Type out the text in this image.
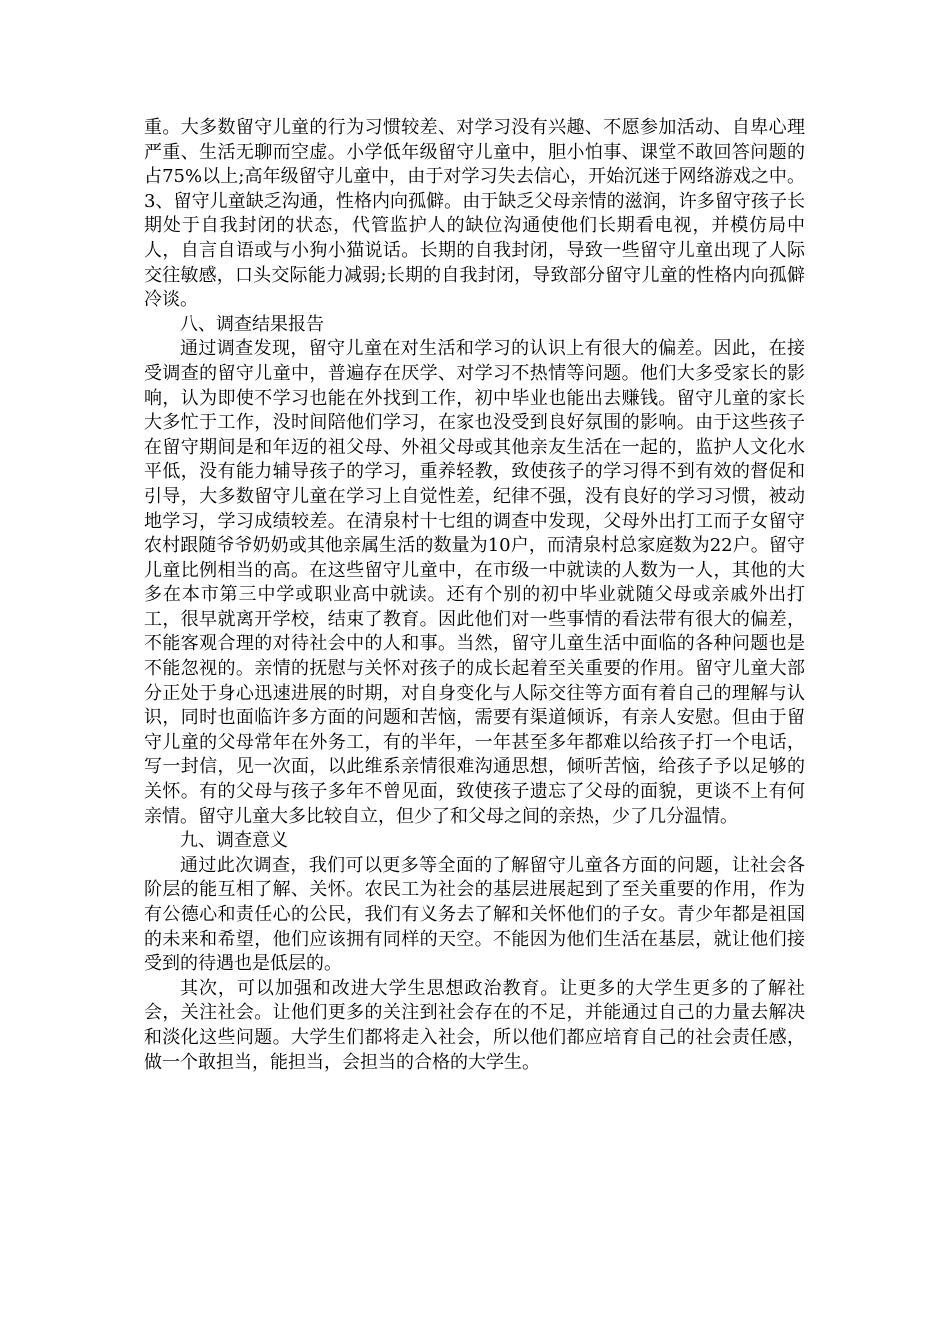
重。大多数留守儿童的行为习惯较差、对学习没有兴趣、不愿参加活动、自卑心理严重、生活无聊而空虚。小学低年级留守儿童中，胆小怕事、课堂不敢回答问题的占75%以上;高年级留守儿童中，由于对学习失去信心，开始沉迷于网络游戏之中。3、留守儿童缺乏沟通，性格内向孤僻。由于缺乏父母亲情的滋润，许多留守孩子长期处于自我封闭的状态，代管监护人的缺位沟通使他们长期看电视，并模仿局中人，自言自语或与小狗小猫说话。长期的自我封闭，导致一些留守儿童出现了人际交往敏感，口头交际能力减弱;长期的自我封闭，导致部分留守儿童的性格内向孤僻冷谈。

八、调查结果报告

通过调查发现，留守儿童在对生活和学习的认识上有很大的偏差。因此，在接受调查的留守儿童中，普遍存在厌学、对学习不热情等问题。他们大多受家长的影响，认为即使不学习也能在外找到工作，初中毕业也能出去赚钱。留守儿童的家长大多忙于工作，没时间陪他们学习，在家也没受到良好氛围的影响。由于这些孩子在留守期间是和年迈的祖父母、外祖父母或其他亲友生活在一起的，监护人文化水平低，没有能力辅导孩子的学习，重养轻教，致使孩子的学习得不到有效的督促和引导，大多数留守儿童在学习上自觉性差，纪律不强，没有良好的学习习惯，被动地学习，学习成绩较差。在清泉村十七组的调查中发现，父母外出打工而子女留守农村跟随爷爷奶奶或其他亲属生活的数量为10户，而清泉村总家庭数为22户。留守儿童比例相当的高。在这些留守儿童中，在市级一中就读的人数为一人，其他的大多在本市第三中学或职业高中就读。还有个别的初中毕业就随父母或亲戚外出打工，很早就离开学校，结束了教育。因此他们对一些事情的看法带有很大的偏差，不能客观合理的对待社会中的人和事。当然，留守儿童生活中面临的各种问题也是不能忽视的。亲情的抚慰与关怀对孩子的成长起着至关重要的作用。留守儿童大部分正处于身心迅速进展的时期，对自身变化与人际交往等方面有着自己的理解与认识，同时也面临许多方面的问题和苦恼，需要有渠道倾诉，有亲人安慰。但由于留守儿童的父母常年在外务工，有的半年，一年甚至多年都难以给孩子打一个电话，写一封信，见一次面，以此维系亲情很难沟通思想，倾听苦恼，给孩子予以足够的关怀。有的父母与孩子多年不曾见面，致使孩子遗忘了父母的面貌，更谈不上有何亲情。留守儿童大多比较自立，但少了和父母之间的亲热，少了几分温情。

九、调查意义

通过此次调查，我们可以更多等全面的了解留守儿童各方面的问题，让社会各阶层的能互相了解、关怀。农民工为社会的基层进展起到了至关重要的作用，作为有公德心和责任心的公民，我们有义务去了解和关怀他们的子女。青少年都是祖国的未来和希望，他们应该拥有同样的天空。不能因为他们生活在基层，就让他们接受到的待遇也是低层的。

其次，可以加强和改进大学生思想政治教育。让更多的大学生更多的了解社会，关注社会。让他们更多的关注到社会存在的不足，并能通过自己的力量去解决和淡化这些问题。大学生们都将走入社会，所以他们都应培育自己的社会责任感，做一个敢担当，能担当，会担当的合格的大学生。
